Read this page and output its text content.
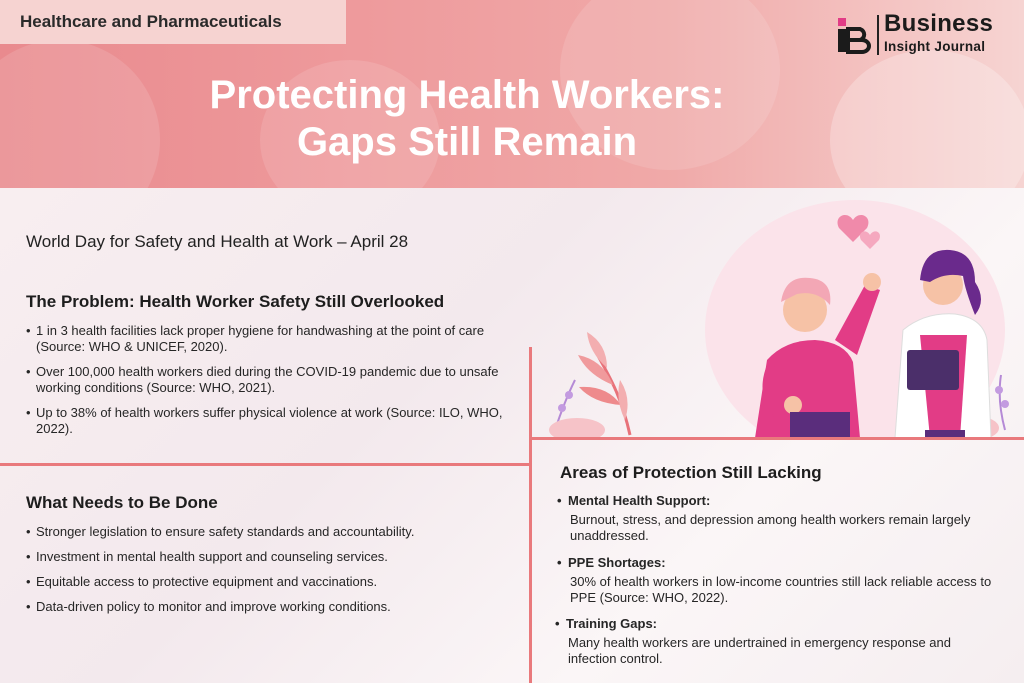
Healthcare and Pharmaceuticals	Business
Insight Journal
Protecting Health Workers:
Gaps Still Remain
World Day for Safety and Health at Work – April 28
The Problem: Health Worker Safety Still Overlooked
• 1 in 3 health facilities lack proper hygiene for handwashing at the point of care (Source: WHO & UNICEF, 2020).
• Over 100,000 health workers died during the COVID-19 pandemic due to unsafe working conditions (Source: WHO, 2021).
• Up to 38% of health workers suffer physical violence at work (Source: ILO, WHO, 2022).
What Needs to Be Done
• Stronger legislation to ensure safety standards and accountability.
• Investment in mental health support and counseling services.
• Equitable access to protective equipment and vaccinations.
• Data-driven policy to monitor and improve working conditions.
Areas of Protection Still Lacking
• Mental Health Support:
Burnout, stress, and depression among health workers remain largely unaddressed.
• PPE Shortages:
30% of health workers in low-income countries still lack reliable access to PPE (Source: WHO, 2022).
• Training Gaps:
Many health workers are undertrained in emergency response and infection control.
